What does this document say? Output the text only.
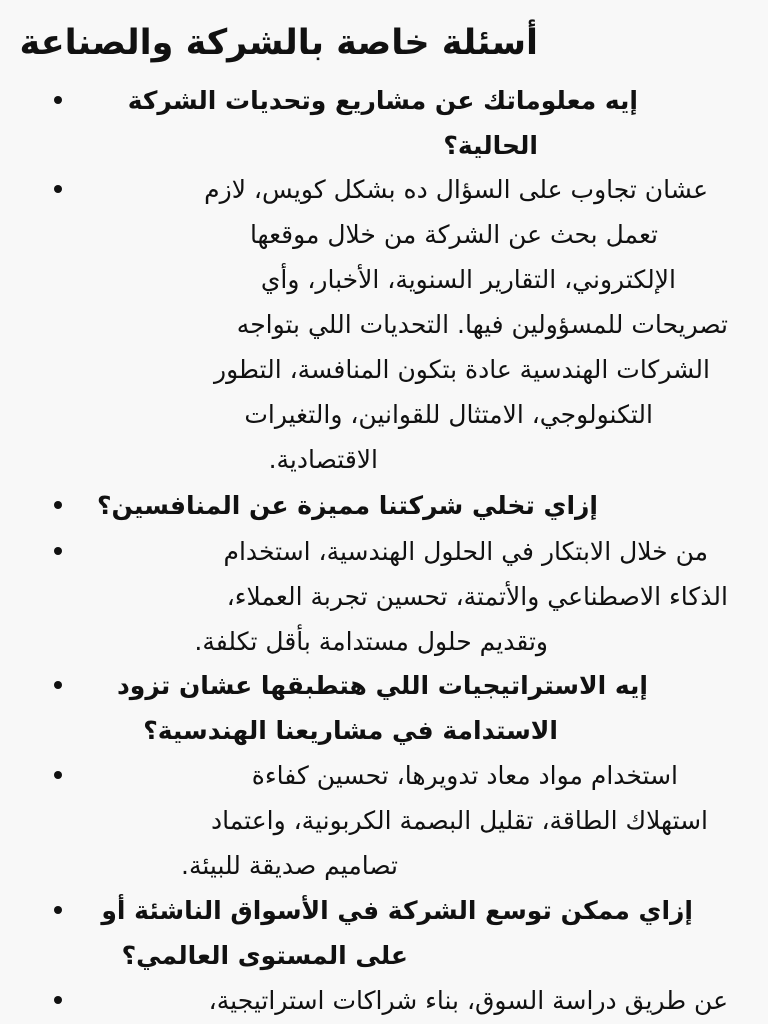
أسئلة خاصة بالشركة والصناعة
إيه معلوماتك عن مشاريع وتحديات الشركة
الحالية؟
عشان تجاوب على السؤال ده بشكل كويس، لازم
تعمل بحث عن الشركة من خلال موقعها
الإلكتروني، التقارير السنوية، الأخبار، وأي
تصريحات للمسؤولين فيها. التحديات اللي بتواجه
الشركات الهندسية عادة بتكون المنافسة، التطور
التكنولوجي، الامتثال للقوانين، والتغيرات
الاقتصادية.
إزاي تخلي شركتنا مميزة عن المنافسين؟
من خلال الابتكار في الحلول الهندسية، استخدام
الذكاء الاصطناعي والأتمتة، تحسين تجربة العملاء،
وتقديم حلول مستدامة بأقل تكلفة.
إيه الاستراتيجيات اللي هتطبقها عشان تزود
الاستدامة في مشاريعنا الهندسية؟
استخدام مواد معاد تدويرها، تحسين كفاءة
استهلاك الطاقة، تقليل البصمة الكربونية، واعتماد
تصاميم صديقة للبيئة.
إزاي ممكن توسع الشركة في الأسواق الناشئة أو
على المستوى العالمي؟
عن طريق دراسة السوق، بناء شراكات استراتيجية،
